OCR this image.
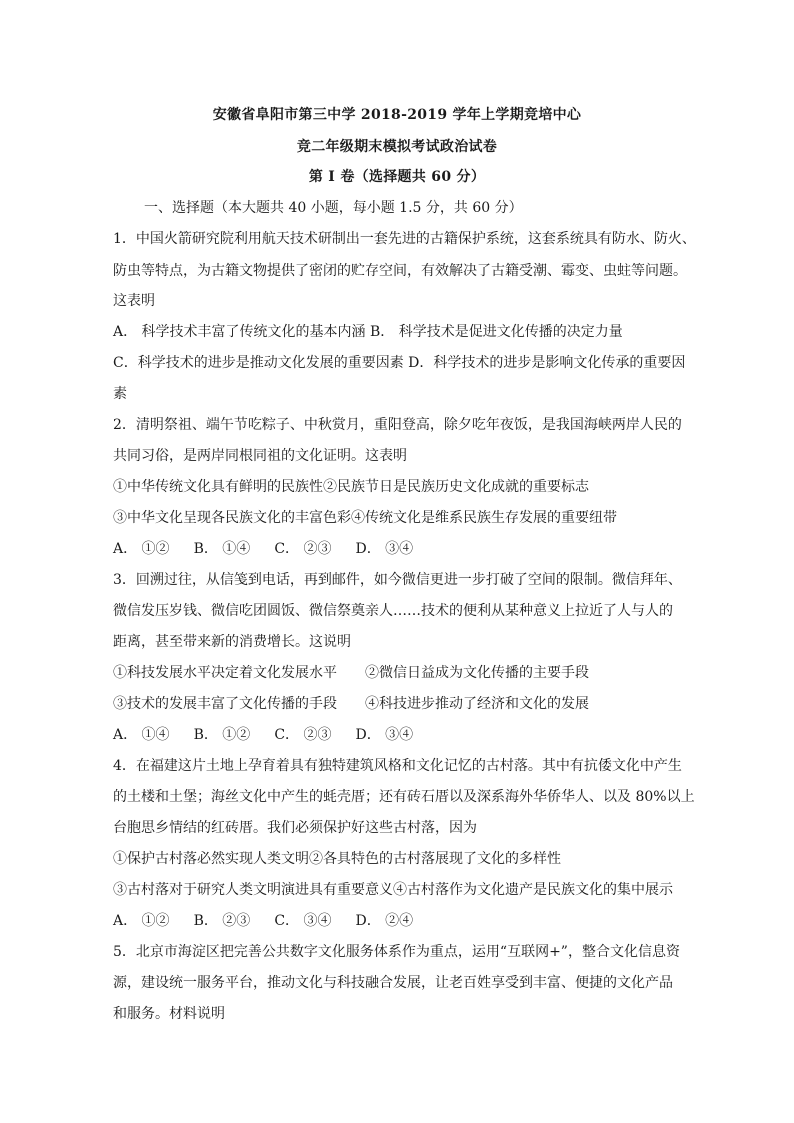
安徽省阜阳市第三中学 2018-2019 学年上学期竞培中心
竞二年级期末模拟考试政治试卷
第 I 卷（选择题共 60 分）
一、选择题（本大题共 40 小题，每小题 1.5 分，共 60 分）
1．中国火箭研究院利用航天技术研制出一套先进的古籍保护系统，这套系统具有防水、防火、
防虫等特点，为古籍文物提供了密闭的贮存空间，有效解决了古籍受潮、霉变、虫蛀等问题。
这表明
A． 科学技术丰富了传统文化的基本内涵 B． 科学技术是促进文化传播的决定力量
C．科学技术的进步是推动文化发展的重要因素 D．科学技术的进步是影响文化传承的重要因
素
2．清明祭祖、端午节吃粽子、中秋赏月，重阳登高，除夕吃年夜饭，是我国海峡两岸人民的
共同习俗，是两岸同根同祖的文化证明。这表明
①中华传统文化具有鲜明的民族性②民族节日是民族历史文化成就的重要标志
③中华文化呈现各民族文化的丰富色彩④传统文化是维系民族生存发展的重要纽带
A． ①② B． ①④ C． ②③ D． ③④
3．回溯过往，从信笺到电话，再到邮件，如今微信更进一步打破了空间的限制。微信拜年、
微信发压岁钱、微信吃团圆饭、微信祭奠亲人……技术的便利从某种意义上拉近了人与人的
距离，甚至带来新的消费增长。这说明
①科技发展水平决定着文化发展水平 ②微信日益成为文化传播的主要手段
③技术的发展丰富了文化传播的手段 ④科技进步推动了经济和文化的发展
A． ①④ B． ①② C． ②③ D． ③④
4．在福建这片土地上孕育着具有独特建筑风格和文化记忆的古村落。其中有抗倭文化中产生
的土楼和土堡；海丝文化中产生的蚝壳厝；还有砖石厝以及深系海外华侨华人、以及 80%以上
台胞思乡情结的红砖厝。我们必须保护好这些古村落，因为
①保护古村落必然实现人类文明②各具特色的古村落展现了文化的多样性
③古村落对于研究人类文明演进具有重要意义④古村落作为文化遗产是民族文化的集中展示
A． ①② B． ②③ C． ③④ D． ②④
5．北京市海淀区把完善公共数字文化服务体系作为重点，运用“互联网+”，整合文化信息资
源，建设统一服务平台，推动文化与科技融合发展，让老百姓享受到丰富、便捷的文化产品
和服务。材料说明
